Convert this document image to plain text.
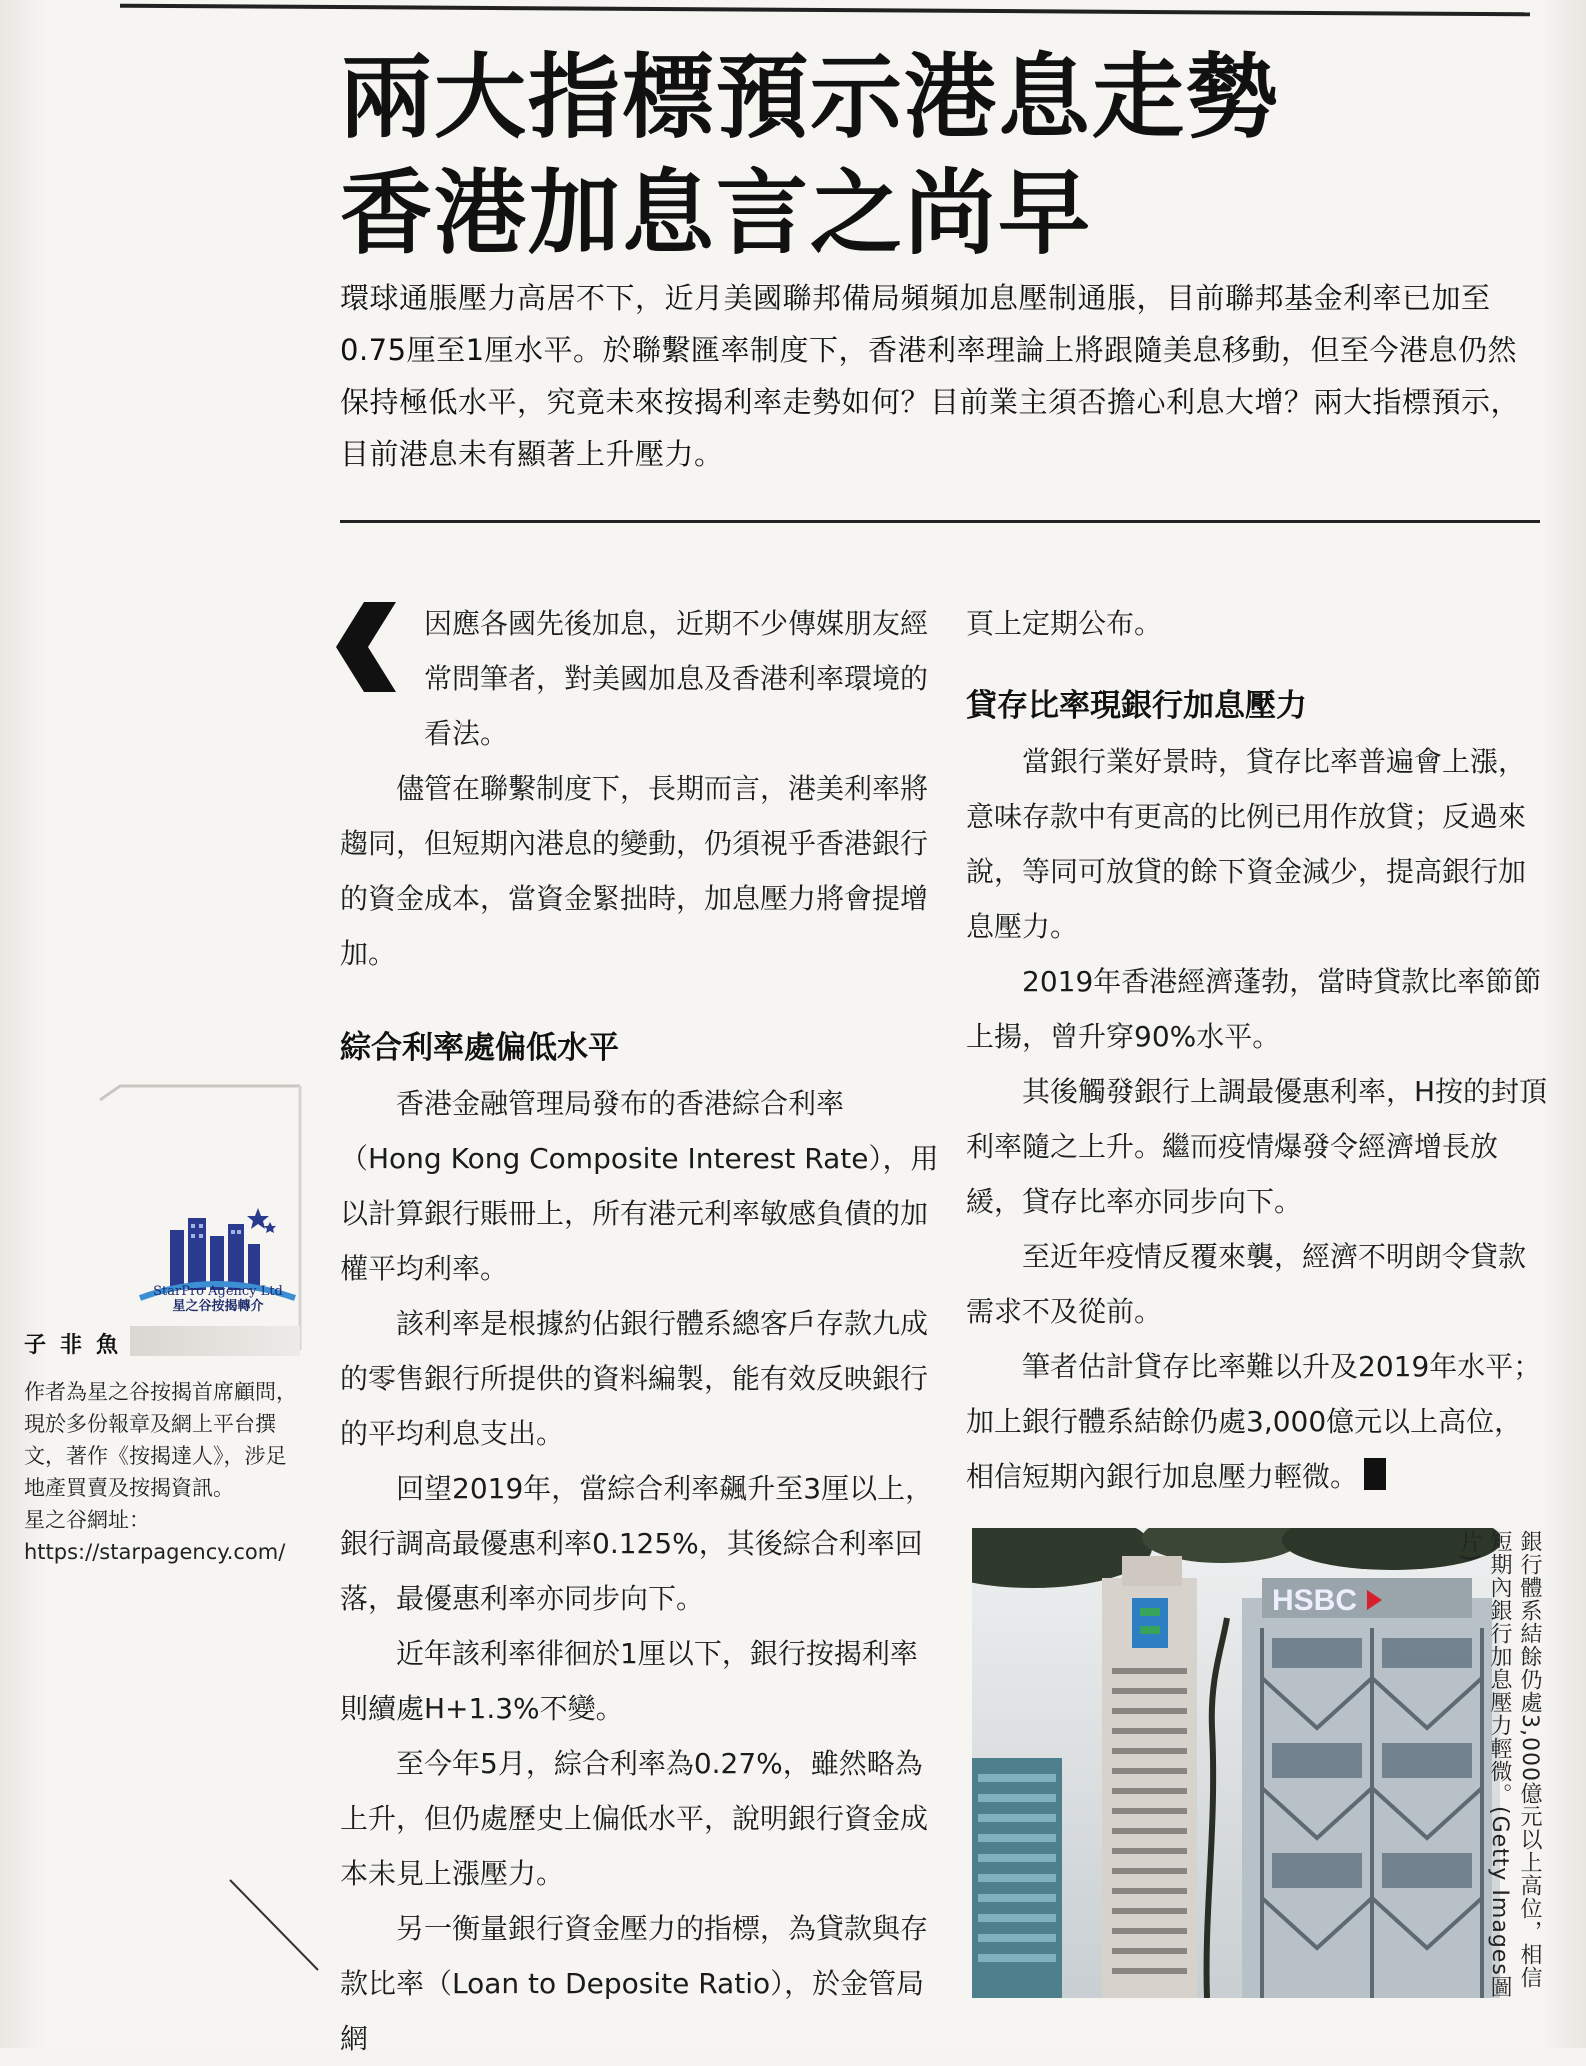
兩大指標預示港息走勢
香港加息言之尚早
環球通脹壓力高居不下，近月美國聯邦備局頻頻加息壓制通脹，目前聯邦基金利率已加至0.75厘至1厘水平。於聯繫匯率制度下，香港利率理論上將跟隨美息移動，但至今港息仍然保持極低水平，究竟未來按揭利率走勢如何？目前業主須否擔心利息大增？兩大指標預示，目前港息未有顯著上升壓力。

因應各國先後加息，近期不少傳媒朋友經常問筆者，對美國加息及香港利率環境的看法。

儘管在聯繫制度下，長期而言，港美利率將趨同，但短期內港息的變動，仍須視乎香港銀行的資金成本，當資金緊拙時，加息壓力將會提增加。

綜合利率處偏低水平

香港金融管理局發布的香港綜合利率（Hong Kong Composite Interest Rate），用以計算銀行賬冊上，所有港元利率敏感負債的加權平均利率。

該利率是根據約佔銀行體系總客戶存款九成的零售銀行所提供的資料編製，能有效反映銀行的平均利息支出。

回望2019年，當綜合利率飆升至3厘以上，銀行調高最優惠利率0.125%，其後綜合利率回落，最優惠利率亦同步向下。

近年該利率徘徊於1厘以下，銀行按揭利率則續處H+1.3%不變。

至今年5月，綜合利率為0.27%，雖然略為上升，但仍處歷史上偏低水平，說明銀行資金成本未見上漲壓力。

另一衡量銀行資金壓力的指標，為貸款與存款比率（Loan to Deposite Ratio），於金管局網

頁上定期公布。

貸存比率現銀行加息壓力

當銀行業好景時，貸存比率普遍會上漲，意味存款中有更高的比例已用作放貸；反過來說，等同可放貸的餘下資金減少，提高銀行加息壓力。

2019年香港經濟蓬勃，當時貸款比率節節上揚，曾升穿90%水平。

其後觸發銀行上調最優惠利率，H按的封頂利率隨之上升。繼而疫情爆發令經濟增長放緩，貸存比率亦同步向下。

至近年疫情反覆來襲，經濟不明朗令貸款需求不及從前。

筆者估計貸存比率難以升及2019年水平；加上銀行體系結餘仍處3,000億元以上高位，相信短期內銀行加息壓力輕微。

HSBC	銀行體系結餘仍處3,000億元以上高位，相信短期內銀行加息壓力輕微。(Getty Images圖片)
StarPro Agency Ltd
星之谷按揭轉介
子非魚
作者為星之谷按揭首席顧問，現於多份報章及網上平台撰文，著作《按揭達人》，涉足地產買賣及按揭資訊。
星之谷網址：
https://starpagency.com/
